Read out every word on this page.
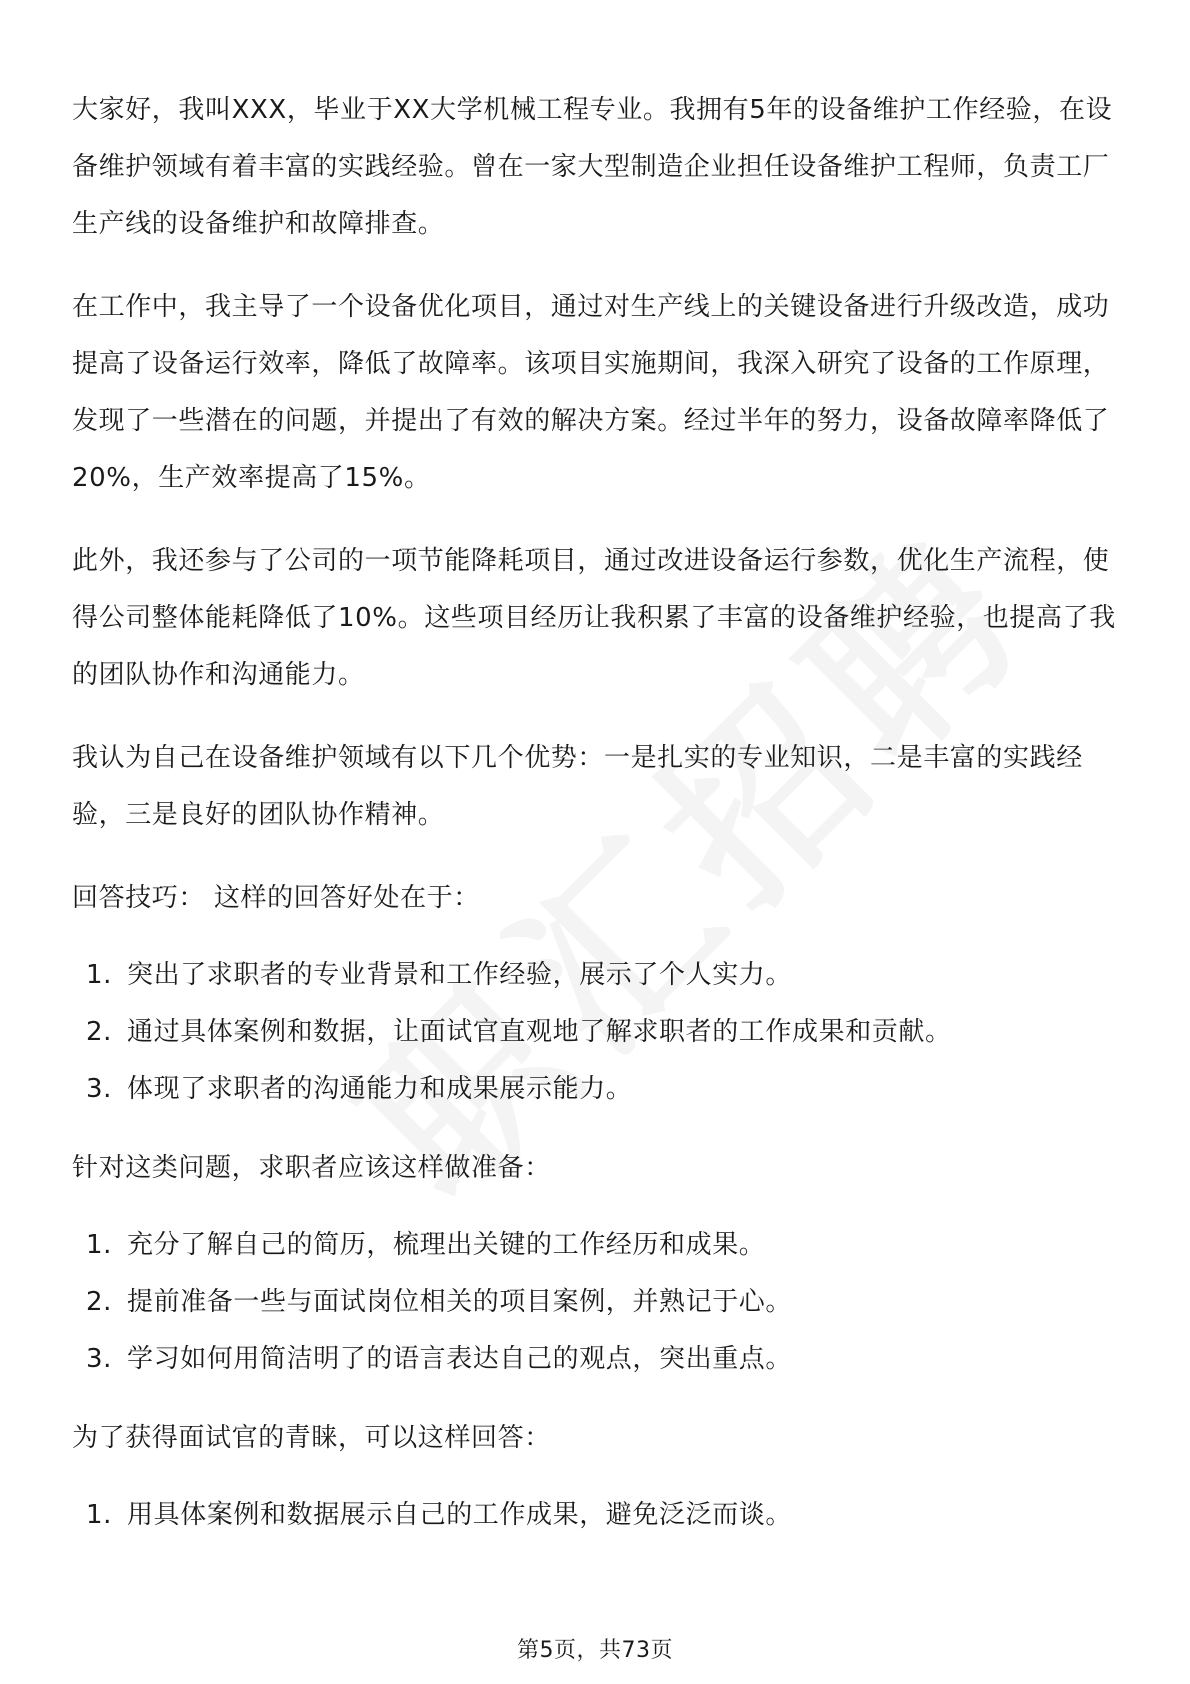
大家好，我叫XXX，毕业于XX大学机械工程专业。我拥有5年的设备维护工作经验，在设备维护领域有着丰富的实践经验。曾在一家大型制造企业担任设备维护工程师，负责工厂生产线的设备维护和故障排查。

在工作中，我主导了一个设备优化项目，通过对生产线上的关键设备进行升级改造，成功提高了设备运行效率，降低了故障率。该项目实施期间，我深入研究了设备的工作原理，发现了一些潜在的问题，并提出了有效的解决方案。经过半年的努力，设备故障率降低了20%，生产效率提高了15%。

此外，我还参与了公司的一项节能降耗项目，通过改进设备运行参数，优化生产流程，使得公司整体能耗降低了10%。这些项目经历让我积累了丰富的设备维护经验，也提高了我的团队协作和沟通能力。

我认为自己在设备维护领域有以下几个优势：一是扎实的专业知识，二是丰富的实践经验，三是良好的团队协作精神。

回答技巧： 这样的回答好处在于：

1. 突出了求职者的专业背景和工作经验，展示了个人实力。
2. 通过具体案例和数据，让面试官直观地了解求职者的工作成果和贡献。
3. 体现了求职者的沟通能力和成果展示能力。

针对这类问题，求职者应该这样做准备：

1. 充分了解自己的简历，梳理出关键的工作经历和成果。
2. 提前准备一些与面试岗位相关的项目案例，并熟记于心。
3. 学习如何用简洁明了的语言表达自己的观点，突出重点。

为了获得面试官的青睐，可以这样回答：

1. 用具体案例和数据展示自己的工作成果，避免泛泛而谈。
第5页，共73页
